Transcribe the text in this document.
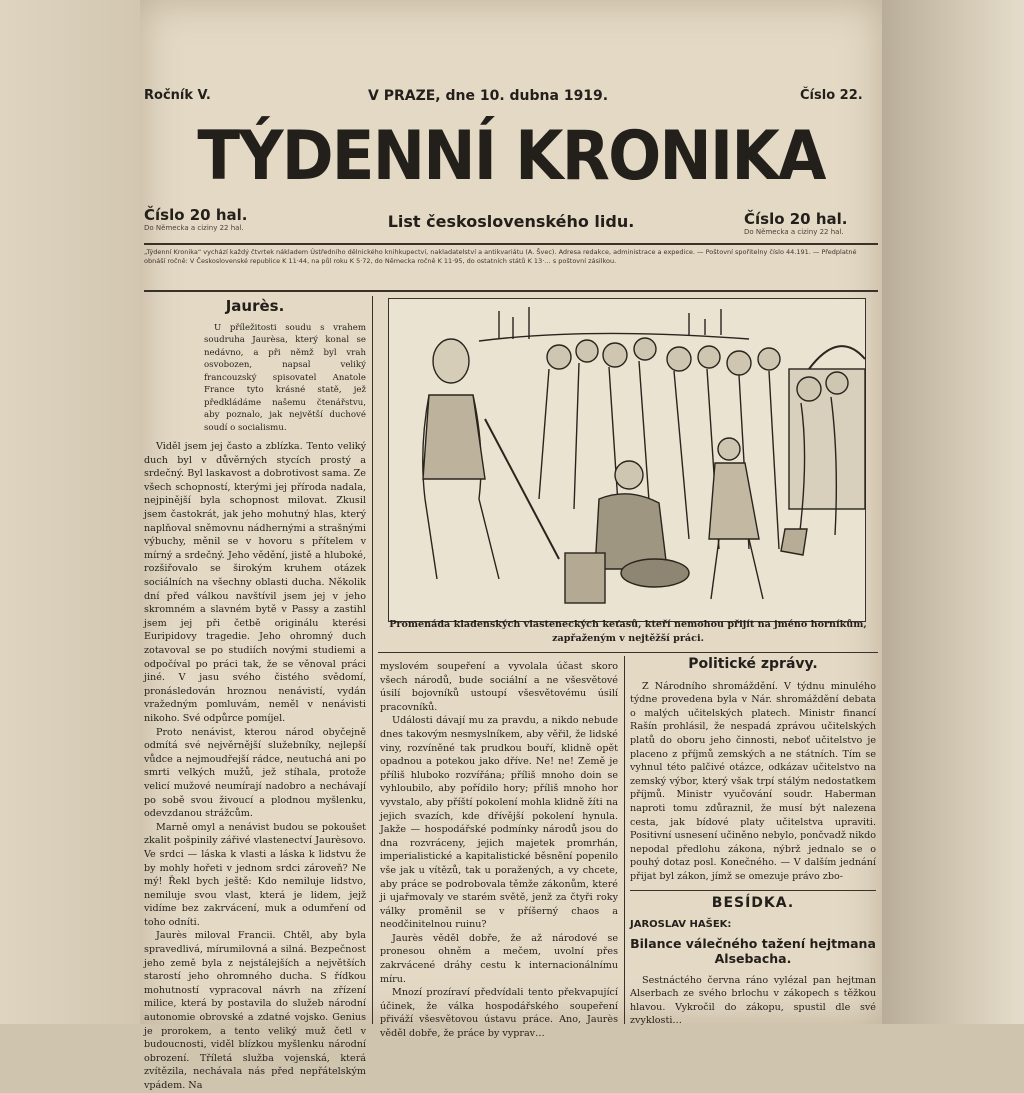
Ročník V.	V PRAZE, dne 10. dubna 1919.	Číslo 22.
TÝDENNÍ KRONIKA
Číslo 20 hal.
Do Německa a ciziny 22 hal.	List československého lidu.	Číslo 20 hal.
Do Německa a ciziny 22 hal.
„Týdenní Kronika“ vychází každý čtvrtek nákladem Ústředního dělnického knihkupectví, nakladatelství a antikvariátu (A. Švec). Adresa redakce, administrace a expedice. — Poštovní spořitelny číslo 44.191. — Předplatné obnáší ročně: V Československé republice K 11·44, na půl roku K 5·72, do Německa ročně K 11·95, do ostatních států K 13·… s poštovní zásilkou.
Jaurès.

U příležitosti soudu s vrahem soudruha Jaurèsa, který konal se nedávno, a při němž byl vrah osvobozen, napsal veliký francouzský spisovatel Anatole France tyto krásné statě, jež předkládáme našemu čtenářstvu, aby poznalo, jak největší duchové soudí o socialismu.

Viděl jsem jej často a zblízka. Tento veliký duch byl v důvěrných stycích prostý a srdečný. Byl laskavost a dobrotivost sama. Ze všech schopností, kterými jej příroda nadala, nejpinější byla schopnost milovat. Zkusil jsem častokrát, jak jeho mohutný hlas, který naplňoval sněmovnu nádhernými a strašnými výbuchy, měnil se v hovoru s přítelem v mírný a srdečný. Jeho vědění, jistě a hluboké, rozšiřovalo se širokým kruhem otázek sociálních na všechny oblasti ducha. Několik dní před válkou navštívil jsem jej v jeho skromném a slavném bytě v Passy a zastihl jsem jej při četbě originálu kterési Euripidovy tragedie. Jeho ohromný duch zotavoval se po studiích novými studiemi a odpočíval po práci tak, že se věnoval práci jiné. V jasu svého čistého svědomí, pronásledován hroznou nenávistí, vydán vražedným pomluvám, neměl v nenávisti nikoho. Své odpůrce pomíjel.

Proto nenávist, kterou národ obyčejně odmítá své nejvěrnější služebníky, nejlepší vůdce a nejmoudřejší rádce, neutuchá ani po smrti velkých mužů, jež stíhala, protože velicí mužové neumírají nadobro a nechávají po sobě svou živoucí a plodnou myšlenku, odevzdanou strážcům.

Marně omyl a nenávist budou se pokoušet zkalit pošpinily zářivé vlastenectví Jaurèsovo. Ve srdci — láska k vlasti a láska k lidstvu že by mohly hořeti v jednom srdci zároveň? Ne mý! Řekl bych ještě: Kdo nemiluje lidstvo, nemiluje svou vlast, která je lidem, jejž vidíme bez zakrvácení, muk a odumření od toho odníti.

Jaurès miloval Francii. Chtěl, aby byla spravedlivá, mírumilovná a silná. Bezpečnost jeho země byla z nejstálejších a největších starostí jeho ohromného ducha. S řídkou mohutností vypracoval návrh na zřízení milice, která by postavila do služeb národní autonomie obrovské a zdatné vojsko. Genius je prorokem, a tento veliký muž četl v budoucnosti, viděl blízkou myšlenku národní obrození. Tříletá služba vojenská, která zvítězila, nechávala nás před nepřátelským vpádem. Na

Promenáda kladenských vlasteneckých keťasů, kteří nemohou přijít na jméno horníkům, zapřaženým v nejtěžší práci.

myslovém soupeření a vyvolala účast skoro všech národů, bude sociální a ne všesvětové úsilí bojovníků ustoupí všesvětovému úsilí pracovníků.

Události dávají mu za pravdu, a nikdo nebude dnes takovým nesmyslníkem, aby věřil, že lidské viny, rozvíněné tak prudkou bouří, klidně opět opadnou a potekou jako dříve. Ne! ne! Země je příliš hluboko rozvířána; příliš mnoho doin se vyhloubilo, aby pořídilo hory; příliš mnoho hor vyvstalo, aby příští pokolení mohla klidně žíti na jejich svazích, kde dřívější pokolení hynula. Jakže — hospodářské podmínky národů jsou do dna rozvráceny, jejich majetek promrhán, imperialistické a kapitalistické běsnění popenilo vše jak u vítězů, tak u poražených, a vy chcete, aby práce se podrobovala těmže zákonům, které ji ujařmovaly ve starém světě, jenž za čtyři roky války proměnil se v příšerný chaos a neodčinitelnou ruinu?

Jaurès věděl dobře, že až národové se pronesou ohněm a mečem, uvolní přes zakrvácené dráhy cestu k internacionálnímu míru.

Mnozí prozíraví předvídali tento překvapující účinek, že válka hospodářského soupeření přiváží všesvětovou ústavu práce. Ano, Jaurès věděl dobře, že práce by vyprav…

Politické zprávy.

Z Národního shromáždění. V týdnu minulého týdne provedena byla v Nár. shromáždění debata o malých učitelských platech. Ministr financí Rašín prohlásil, že nespadá zprávou učitelských platů do oboru jeho činnosti, neboť učitelstvo je placeno z příjmů zemských a ne státních. Tím se vyhnul této palčivé otázce, odkázav učitelstvo na zemský výbor, který však trpí stálým nedostatkem příjmů. Ministr vyučování soudr. Haberman naproti tomu zdůraznil, že musí být nalezena cesta, jak bídové platy učitelstva upraviti. Positivní usnesení učiněno nebylo, pončvadž nikdo nepodal předlohu zákona, nýbrž jednalo se o pouhý dotaz posl. Konečného. — V dalším jednání přijat byl zákon, jímž se omezuje právo zbo-

BESÍDKA.
JAROSLAV HAŠEK:
Bilance válečného tažení hejtmana Alsebacha.

Sestnáctého června ráno vylézal pan hejtman Alserbach ze svého brlochu v zákopech s těžkou hlavou. Vykročil do zákopu, spustil dle své zvyklosti…
